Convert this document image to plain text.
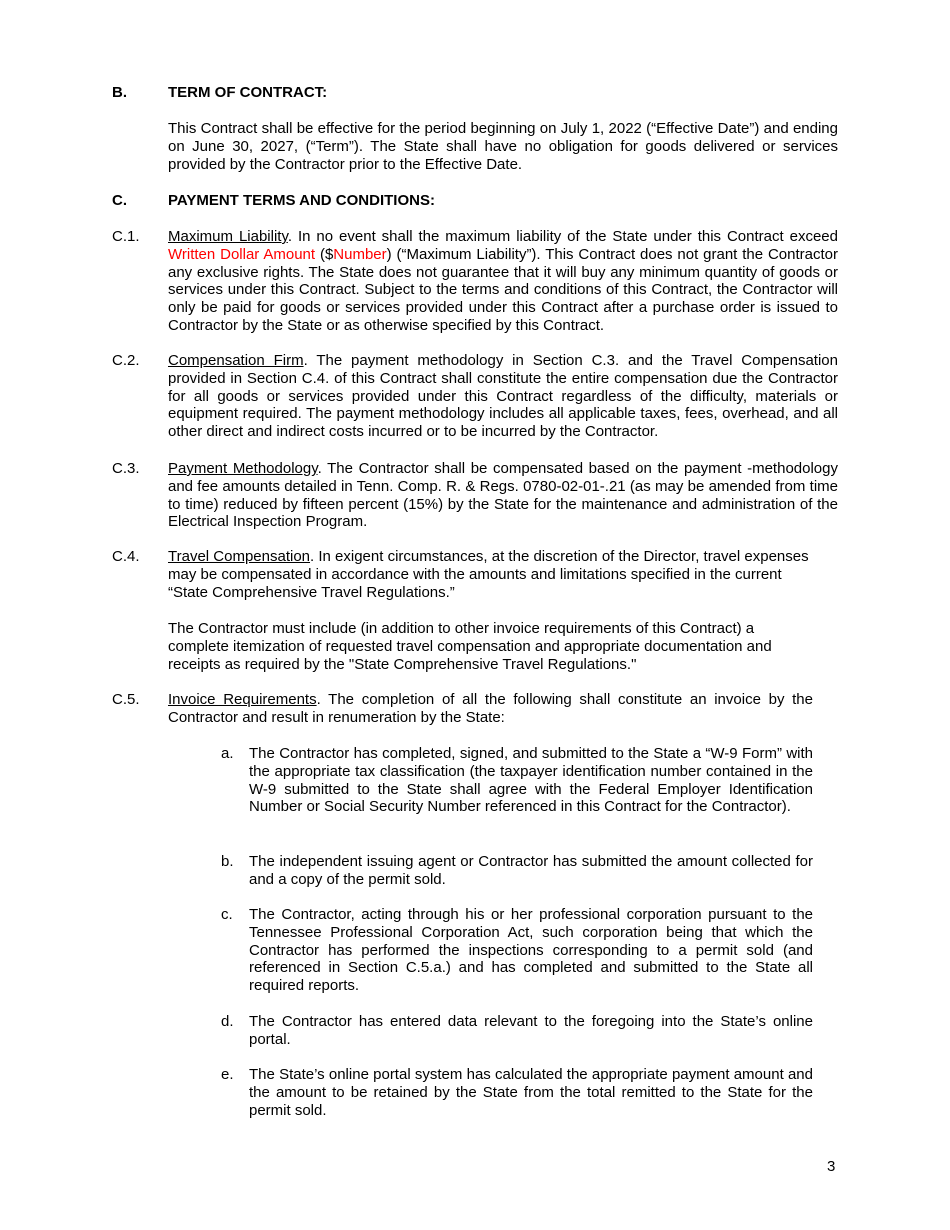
B.	TERM OF CONTRACT:
This Contract shall be effective for the period beginning on July 1, 2022 (“Effective Date”) and ending on June 30, 2027, (“Term”). The State shall have no obligation for goods delivered or services provided by the Contractor prior to the Effective Date.
C.	PAYMENT TERMS AND CONDITIONS:
C.1. Maximum Liability. In no event shall the maximum liability of the State under this Contract exceed Written Dollar Amount ($Number) (“Maximum Liability”). This Contract does not grant the Contractor any exclusive rights. The State does not guarantee that it will buy any minimum quantity of goods or services under this Contract. Subject to the terms and conditions of this Contract, the Contractor will only be paid for goods or services provided under this Contract after a purchase order is issued to Contractor by the State or as otherwise specified by this Contract.
C.2. Compensation Firm. The payment methodology in Section C.3. and the Travel Compensation provided in Section C.4. of this Contract shall constitute the entire compensation due the Contractor for all goods or services provided under this Contract regardless of the difficulty, materials or equipment required. The payment methodology includes all applicable taxes, fees, overhead, and all other direct and indirect costs incurred or to be incurred by the Contractor.
C.3. Payment Methodology. The Contractor shall be compensated based on the payment -methodology and fee amounts detailed in Tenn. Comp. R. & Regs. 0780-02-01-.21 (as may be amended from time to time) reduced by fifteen percent (15%) by the State for the maintenance and administration of the Electrical Inspection Program.
C.4. Travel Compensation. In exigent circumstances, at the discretion of the Director, travel expenses may be compensated in accordance with the amounts and limitations specified in the current “State Comprehensive Travel Regulations.”
The Contractor must include (in addition to other invoice requirements of this Contract) a complete itemization of requested travel compensation and appropriate documentation and receipts as required by the "State Comprehensive Travel Regulations."
C.5. Invoice Requirements. The completion of all the following shall constitute an invoice by the Contractor and result in renumeration by the State:
a. The Contractor has completed, signed, and submitted to the State a “W-9 Form” with the appropriate tax classification (the taxpayer identification number contained in the W-9 submitted to the State shall agree with the Federal Employer Identification Number or Social Security Number referenced in this Contract for the Contractor).
b. The independent issuing agent or Contractor has submitted the amount collected for and a copy of the permit sold.
c. The Contractor, acting through his or her professional corporation pursuant to the Tennessee Professional Corporation Act, such corporation being that which the Contractor has performed the inspections corresponding to a permit sold (and referenced in Section C.5.a.) and has completed and submitted to the State all required reports.
d. The Contractor has entered data relevant to the foregoing into the State’s online portal.
e. The State’s online portal system has calculated the appropriate payment amount and the amount to be retained by the State from the total remitted to the State for the permit sold.
3
